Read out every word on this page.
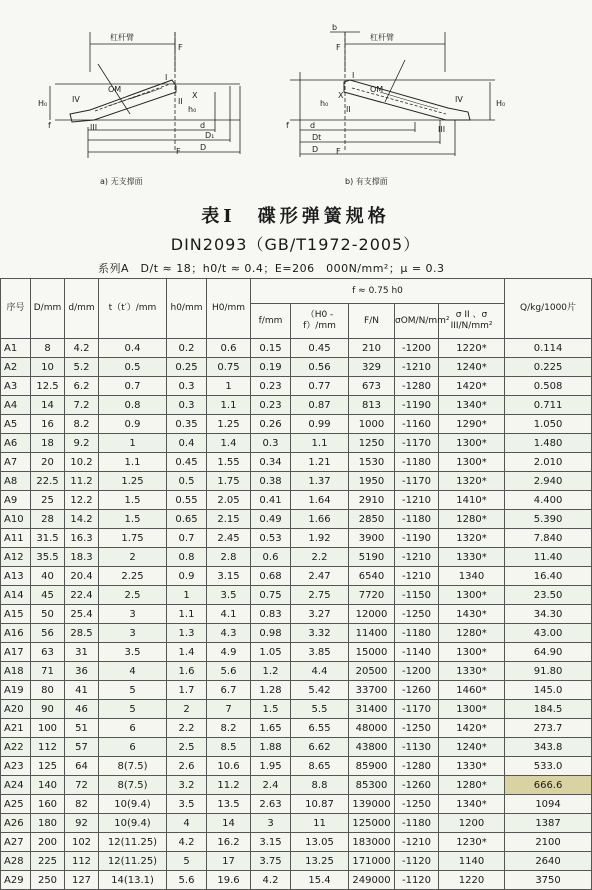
杠杆臂
F
F
H₀	IV
I
II
III
OM
X
d
D₁
D
f
h₀
a) 无支撑面
杠杆臂
b
F
F
H₀
IV
I
II
III
OM
X
d
Dt
D
f
h₀
b) 有支撑面
表I　碟形弹簧规格
DIN2093（GB/T1972-2005）
系列A　D/t ≈ 18；h0/t ≈ 0.4；E=206　000N/mm²；μ = 0.3
序号	D/mm	d/mm	t（t′）/mm	h0/mm	H0/mm	f ≈ 0.75 h0					Q/kg/1000片
						f/mm	（H0 - f）/mm	F/N	σOM/N/mm²	σ II 、σ III/N/mm²	
A1	8	4.2	0.4	0.2	0.6	0.15	0.45	210	-1200	1220*	0.114
A2	10	5.2	0.5	0.25	0.75	0.19	0.56	329	-1210	1240*	0.225
A3	12.5	6.2	0.7	0.3	1	0.23	0.77	673	-1280	1420*	0.508
A4	14	7.2	0.8	0.3	1.1	0.23	0.87	813	-1190	1340*	0.711
A5	16	8.2	0.9	0.35	1.25	0.26	0.99	1000	-1160	1290*	1.050
A6	18	9.2	1	0.4	1.4	0.3	1.1	1250	-1170	1300*	1.480
A7	20	10.2	1.1	0.45	1.55	0.34	1.21	1530	-1180	1300*	2.010
A8	22.5	11.2	1.25	0.5	1.75	0.38	1.37	1950	-1170	1320*	2.940
A9	25	12.2	1.5	0.55	2.05	0.41	1.64	2910	-1210	1410*	4.400
A10	28	14.2	1.5	0.65	2.15	0.49	1.66	2850	-1180	1280*	5.390
A11	31.5	16.3	1.75	0.7	2.45	0.53	1.92	3900	-1190	1320*	7.840
A12	35.5	18.3	2	0.8	2.8	0.6	2.2	5190	-1210	1330*	11.40
A13	40	20.4	2.25	0.9	3.15	0.68	2.47	6540	-1210	1340	16.40
A14	45	22.4	2.5	1	3.5	0.75	2.75	7720	-1150	1300*	23.50
A15	50	25.4	3	1.1	4.1	0.83	3.27	12000	-1250	1430*	34.30
A16	56	28.5	3	1.3	4.3	0.98	3.32	11400	-1180	1280*	43.00
A17	63	31	3.5	1.4	4.9	1.05	3.85	15000	-1140	1300*	64.90
A18	71	36	4	1.6	5.6	1.2	4.4	20500	-1200	1330*	91.80
A19	80	41	5	1.7	6.7	1.28	5.42	33700	-1260	1460*	145.0
A20	90	46	5	2	7	1.5	5.5	31400	-1170	1300*	184.5
A21	100	51	6	2.2	8.2	1.65	6.55	48000	-1250	1420*	273.7
A22	112	57	6	2.5	8.5	1.88	6.62	43800	-1130	1240*	343.8
A23	125	64	8(7.5)	2.6	10.6	1.95	8.65	85900	-1280	1330*	533.0
A24	140	72	8(7.5)	3.2	11.2	2.4	8.8	85300	-1260	1280*	666.6
A25	160	82	10(9.4)	3.5	13.5	2.63	10.87	139000	-1250	1340*	1094
A26	180	92	10(9.4)	4	14	3	11	125000	-1180	1200	1387
A27	200	102	12(11.25)	4.2	16.2	3.15	13.05	183000	-1210	1230*	2100
A28	225	112	12(11.25)	5	17	3.75	13.25	171000	-1120	1140	2640
A29	250	127	14(13.1)	5.6	19.6	4.2	15.4	249000	-1120	1220	3750
